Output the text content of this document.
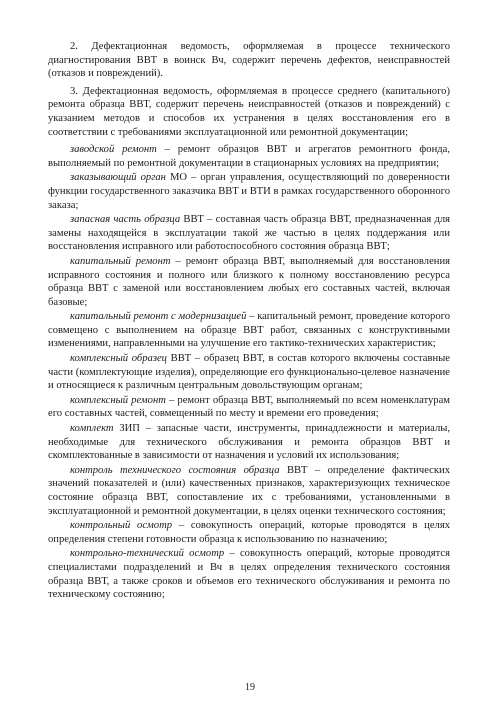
2. Дефектационная ведомость, оформляемая в процессе технического диагностирования ВВТ в воинск Вч, содержит перечень дефектов, неисправностей (отказов и повреждений).

3. Дефектационная ведомость, оформляемая в процессе среднего (капитального) ремонта образца ВВТ, содержит перечень неисправностей (отказов и повреждений) с указанием методов и способов их устранения в целях восстановления его в соответствии с требованиями эксплуатационной или ремонтной документации;

заводской ремонт – ремонт образцов ВВТ и агрегатов ремонтного фонда, выполняемый по ремонтной документации в стационарных условиях на предприятии;

заказывающий орган МО – орган управления, осуществляющий по доверенности функции государственного заказчика ВВТ и ВТИ в рамках государственного оборонного заказа;

запасная часть образца ВВТ – составная часть образца ВВТ, предназначенная для замены находящейся в эксплуатации такой же частью в целях поддержания или восстановления исправного или работоспособного состояния образца ВВТ;

капитальный ремонт – ремонт образца ВВТ, выполняемый для восстановления исправного состояния и полного или близкого к полному восстановлению ресурса образца ВВТ с заменой или восстановлением любых его составных частей, включая базовые;

капитальный ремонт с модернизацией – капитальный ремонт, проведение которого совмещено с выполнением на образце ВВТ работ, связанных с конструктивными изменениями, направленными на улучшение его тактико-технических характеристик;

комплексный образец ВВТ – образец ВВТ, в состав которого включены составные части (комплектующие изделия), определяющие его функционально-целевое назначение и относящиеся к различным центральным довольствующим органам;

комплексный ремонт – ремонт образца ВВТ, выполняемый по всем номенклатурам его составных частей, совмещенный по месту и времени его проведения;

комплект ЗИП – запасные части, инструменты, принадлежности и материалы, необходимые для технического обслуживания и ремонта образцов ВВТ и скомплектованные в зависимости от назначения и условий их использования;

контроль технического состояния образца ВВТ – определение фактических значений показателей и (или) качественных признаков, характеризующих техническое состояние образца ВВТ, сопоставление их с требованиями, установленными в эксплуатационной и ремонтной документации, в целях оценки технического состояния;

контрольный осмотр – совокупность операций, которые проводятся в целях определения степени готовности образца к использованию по назначению;

контрольно-технический осмотр – совокупность операций, которые проводятся специалистами подразделений и Вч в целях определения технического состояния образца ВВТ, а также сроков и объемов его технического обслуживания и ремонта по техническому состоянию;

19
